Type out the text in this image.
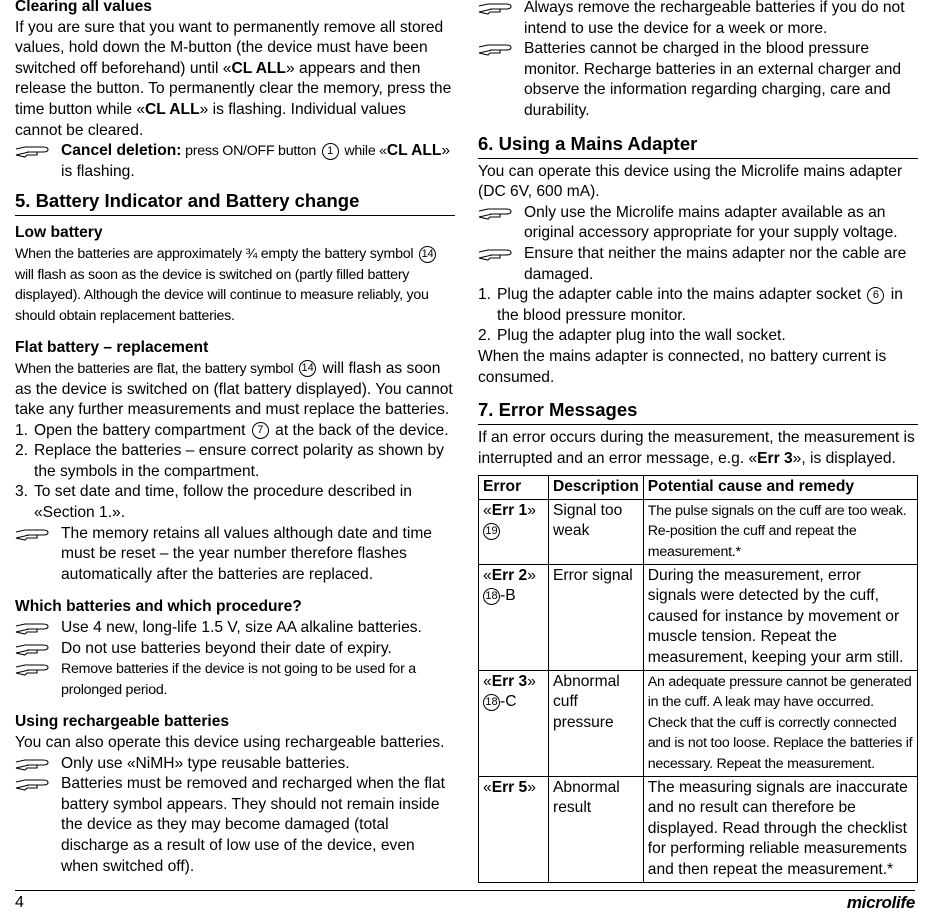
Clearing all values

If you are sure that you want to permanently remove all stored values, hold down the M-button (the device must have been switched off beforehand) until «CL ALL» appears and then release the button. To permanently clear the memory, press the time button while «CL ALL» is flashing. Individual values cannot be cleared.

Cancel deletion: press ON/OFF button 1 while «CL ALL» is flashing.
5. Battery Indicator and Battery change
Low battery

When the batteries are approximately ¾ empty the battery symbol 14 will flash as soon as the device is switched on (partly filled battery displayed). Although the device will continue to measure reliably, you should obtain replacement batteries.

Flat battery – replacement

When the batteries are flat, the battery symbol 14 will flash as soon as the device is switched on (flat battery displayed). You cannot take any further measurements and must replace the batteries.

1. Open the battery compartment 7 at the back of the device.
2. Replace the batteries – ensure correct polarity as shown by the symbols in the compartment.
3. To set date and time, follow the procedure described in «Section 1.».
The memory retains all values although date and time must be reset – the year number therefore flashes automatically after the batteries are replaced.
Which batteries and which procedure?
Use 4 new, long-life 1.5 V, size AA alkaline batteries.
Do not use batteries beyond their date of expiry.
Remove batteries if the device is not going to be used for a prolonged period.
Using rechargeable batteries

You can also operate this device using rechargeable batteries.

Only use «NiMH» type reusable batteries.
Batteries must be removed and recharged when the flat battery symbol appears. They should not remain inside the device as they may become damaged (total discharge as a result of low use of the device, even when switched off).
Always remove the rechargeable batteries if you do not intend to use the device for a week or more.
Batteries cannot be charged in the blood pressure monitor. Recharge batteries in an external charger and observe the information regarding charging, care and durability.
6. Using a Mains Adapter

You can operate this device using the Microlife mains adapter (DC 6V, 600 mA).

Only use the Microlife mains adapter available as an original accessory appropriate for your supply voltage.
Ensure that neither the mains adapter nor the cable are damaged.
1. Plug the adapter cable into the mains adapter socket 6 in the blood pressure monitor.
2. Plug the adapter plug into the wall socket.

When the mains adapter is connected, no battery current is consumed.

7. Error Messages

If an error occurs during the measurement, the measurement is interrupted and an error message, e.g. «Err 3», is displayed.

Error	Description	Potential cause and remedy
«Err 1»
19	Signal too weak	The pulse signals on the cuff are too weak. Re-position the cuff and repeat the measurement.*
«Err 2»
18 -B	Error signal	During the measurement, error signals were detected by the cuff, caused for instance by movement or muscle tension. Repeat the measurement, keeping your arm still.
«Err 3»
18 -C	Abnormal cuff pressure	An adequate pressure cannot be generated in the cuff. A leak may have occurred. Check that the cuff is correctly connected and is not too loose. Replace the batteries if necessary. Repeat the measurement.
«Err 5»	Abnormal result	The measuring signals are inaccurate and no result can therefore be displayed. Read through the checklist for performing reliable measurements and then repeat the measurement.*
4	microlife
